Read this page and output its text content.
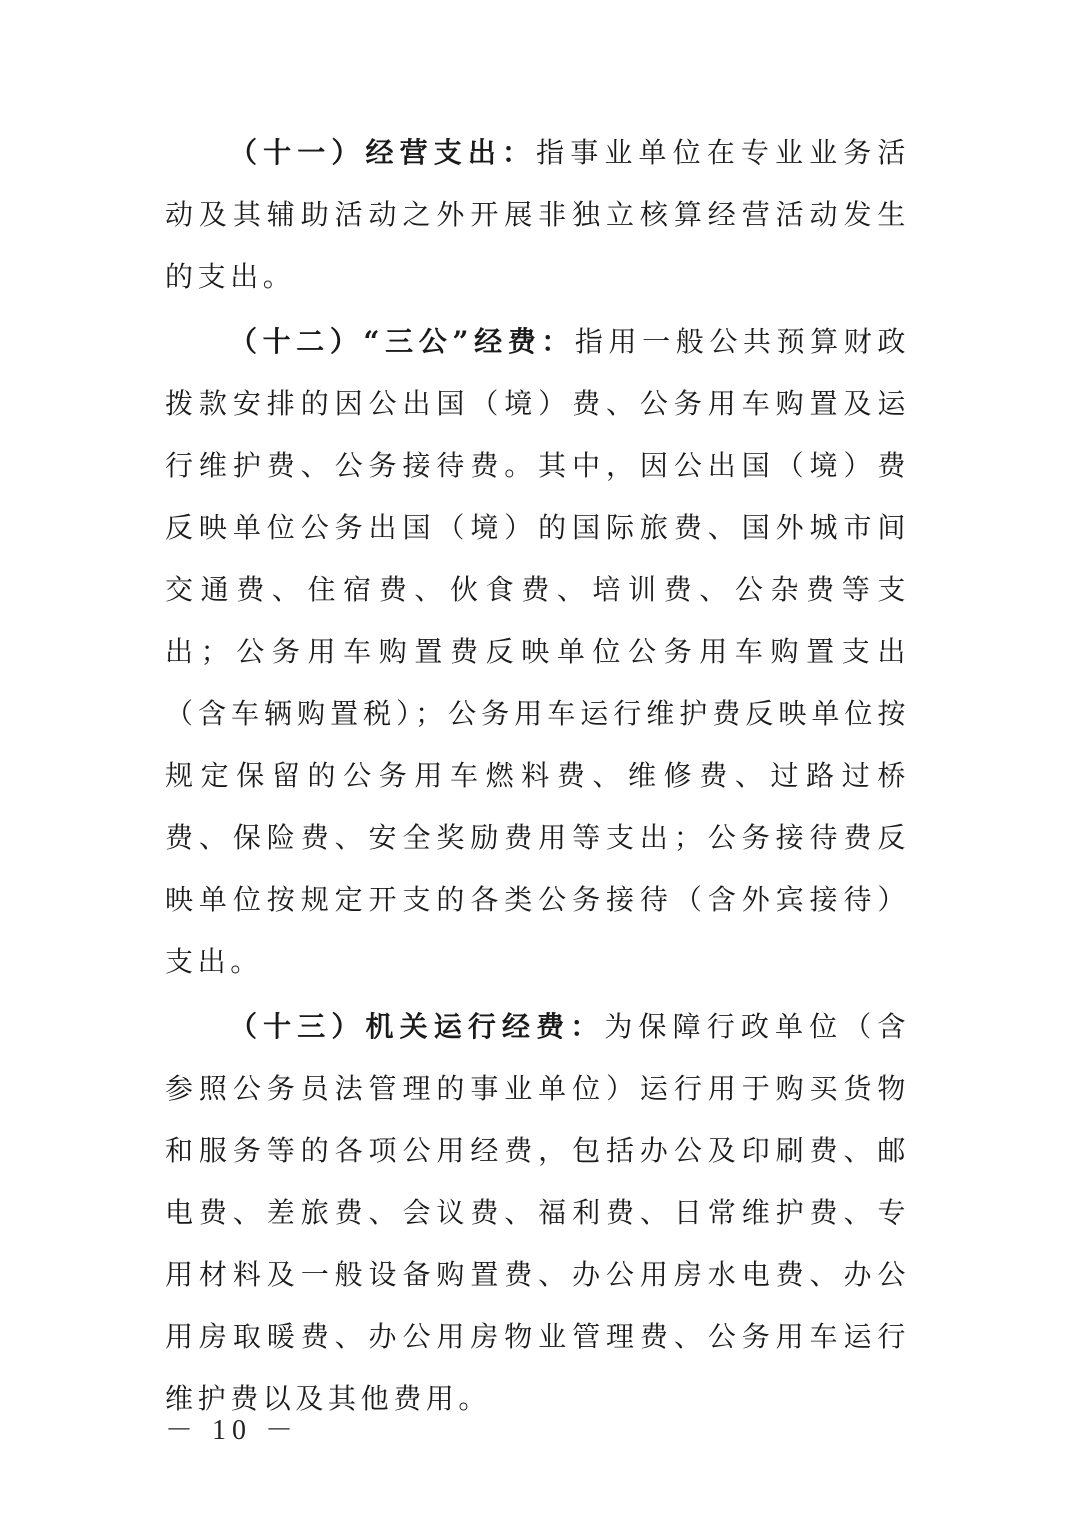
（十一）经营支出：指事业单位在专业业务活动及其辅助活动之外开展非独立核算经营活动发生的支出。

（十二）“三公”经费：指用一般公共预算财政拨款安排的因公出国（境）费、公务用车购置及运行维护费、公务接待费。其中，因公出国（境）费反映单位公务出国（境）的国际旅费、国外城市间交通费、住宿费、伙食费、培训费、公杂费等支出；公务用车购置费反映单位公务用车购置支出（含车辆购置税）；公务用车运行维护费反映单位按规定保留的公务用车燃料费、维修费、过路过桥费、保险费、安全奖励费用等支出；公务接待费反映单位按规定开支的各类公务接待（含外宾接待）支出。

（十三）机关运行经费：为保障行政单位（含参照公务员法管理的事业单位）运行用于购买货物和服务等的各项公用经费，包括办公及印刷费、邮电费、差旅费、会议费、福利费、日常维护费、专用材料及一般设备购置费、办公用房水电费、办公用房取暖费、办公用房物业管理费、公务用车运行维护费以及其他费用。

－ 10 －
